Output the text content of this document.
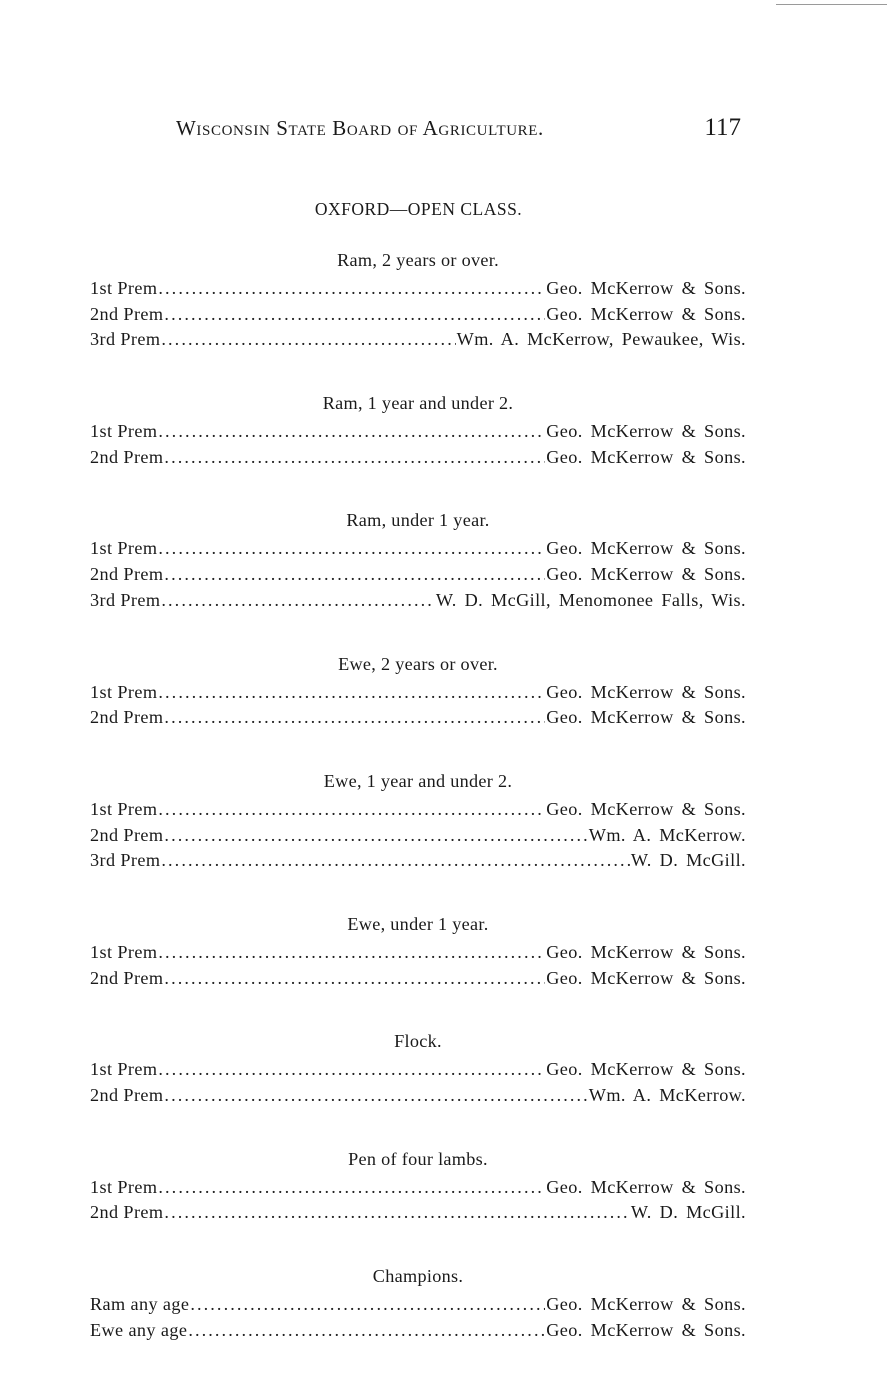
Wisconsin State Board of Agriculture.	117
OXFORD—OPEN CLASS.
Ram, 2 years or over.
1st Prem .....	Geo. McKerrow & Sons.
2nd Prem .....	Geo. McKerrow & Sons.
3rd Prem .....	Wm. A. McKerrow, Pewaukee, Wis.
Ram, 1 year and under 2.
1st Prem .....	Geo. McKerrow & Sons.
2nd Prem .....	Geo. McKerrow & Sons.
Ram, under 1 year.
1st Prem .....	Geo. McKerrow & Sons.
2nd Prem .....	Geo. McKerrow & Sons.
3rd Prem .....	W. D. McGill, Menomonee Falls, Wis.
Ewe, 2 years or over.
1st Prem .....	Geo. McKerrow & Sons.
2nd Prem .....	Geo. McKerrow & Sons.
Ewe, 1 year and under 2.
1st Prem .....	Geo. McKerrow & Sons.
2nd Prem .....	Wm. A. McKerrow.
3rd Prem .....	W. D. McGill.
Ewe, under 1 year.
1st Prem .....	Geo. McKerrow & Sons.
2nd Prem .....	Geo. McKerrow & Sons.
Flock.
1st Prem .....	Geo. McKerrow & Sons.
2nd Prem .....	Wm. A. McKerrow.
Pen of four lambs.
1st Prem .....	Geo. McKerrow & Sons.
2nd Prem .....	W. D. McGill.
Champions.
Ram any age .....	Geo. McKerrow & Sons.
Ewe any age .....	Geo. McKerrow & Sons.
